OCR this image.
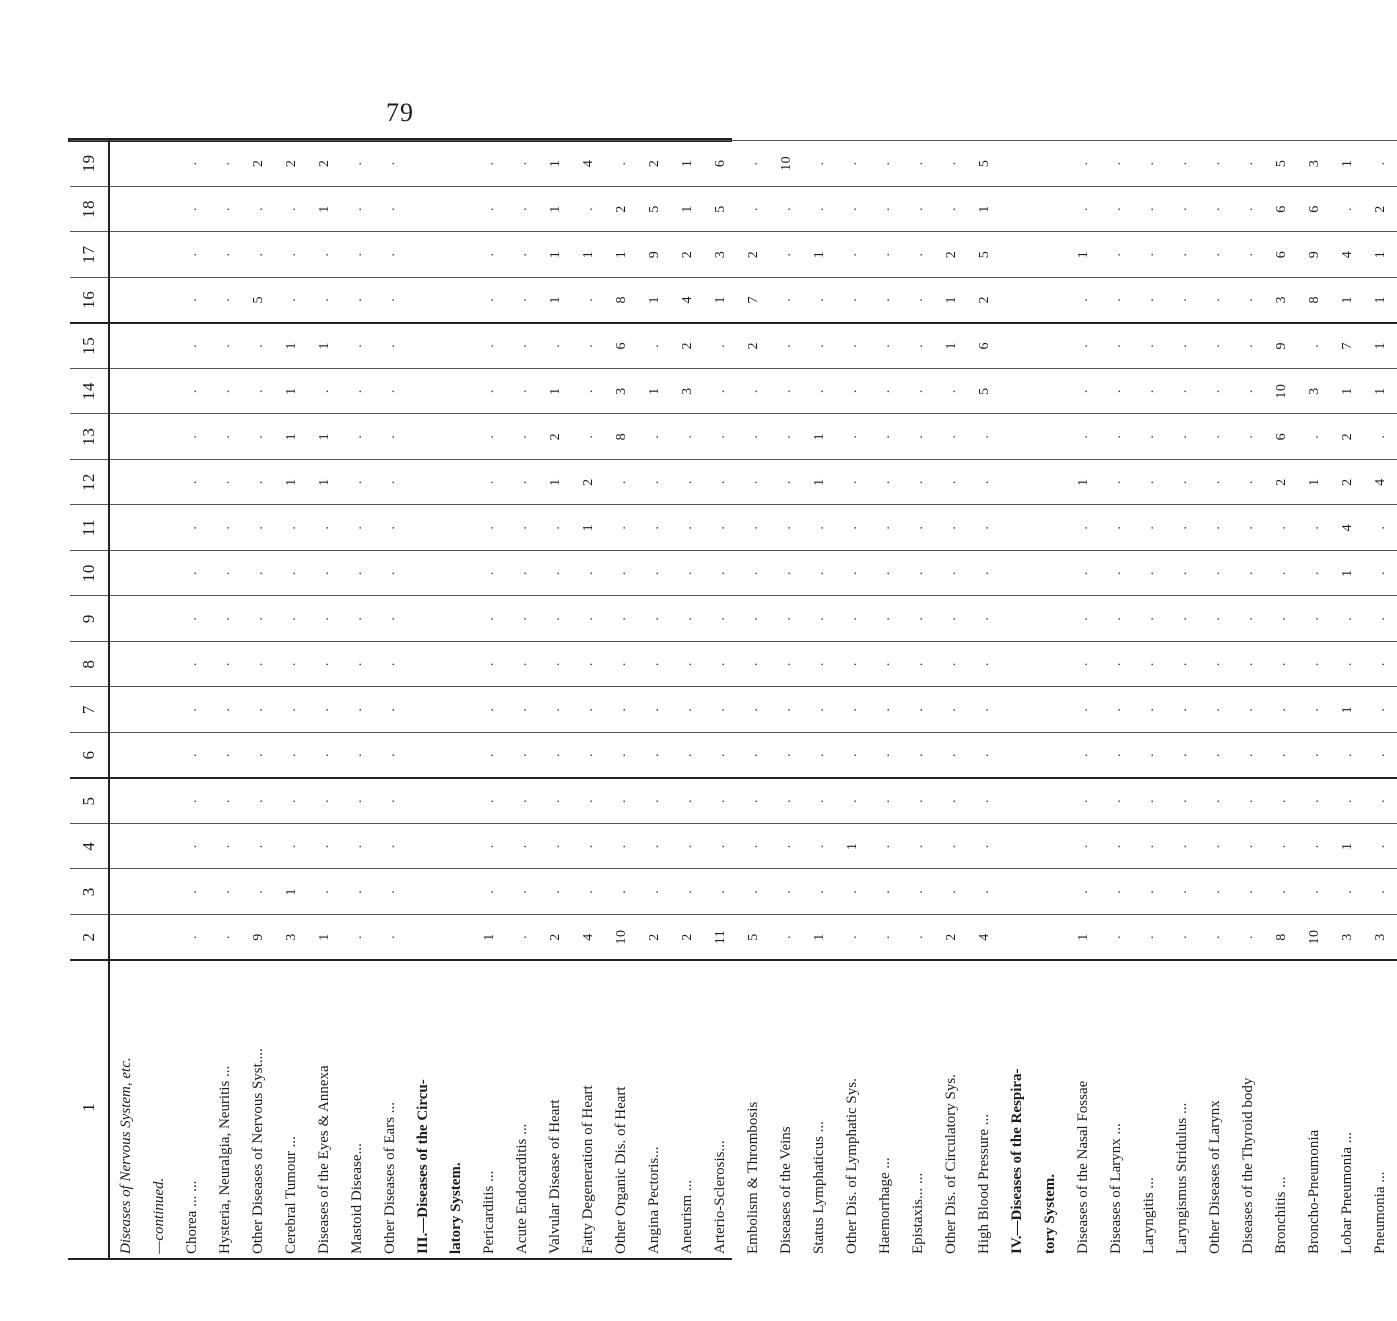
79
1	2	3	4	5	6	7	8	9	10	11	12	13	14	15	16	17	18	19
Diseases of Nervous System, etc.																		
—continued.																		
Chorea ... ...	.	.	.	.	.	.	.	.	.	.	.	.	.	.	.	.	.	.
Hysteria, Neuralgia, Neuritis ...	.	.	.	.	.	.	.	.	.	.	.	.	.	.	.	.	.	.
Other Diseases of Nervous Syst....	9	.	.	.	.	.	.	.	.	.	.	.	.	.	5	.	.	2
Cerebral Tumour ...	3	1	.	.	.	.	.	.	.	.	1	1	1	1	.	.	.	2
Diseases of the Eyes & Annexa	1	.	.	.	.	.	.	.	.	.	1	1	.	1	.	.	1	2
Mastoid Disease...	.	.	.	.	.	.	.	.	.	.	.	.	.	.	.	.	.	.
Other Diseases of Ears ...	.	.	.	.	.	.	.	.	.	.	.	.	.	.	.	.	.	.
III.—Diseases of the Circu-																		
latory System.																		
Pericarditis ...	1	.	.	.	.	.	.	.	.	.	.	.	.	.	.	.	.	.
Acute Endocarditis ...	.	.	.	.	.	.	.	.	.	.	.	.	.	.	.	.	.	.
Valvular Disease of Heart	2	.	.	.	.	.	.	.	.	.	1	2	1	.	1	1	1	1
Fatty Degeneration of Heart	4	.	.	.	.	.	.	.	.	1	2	.	.	.	.	1	.	4
Other Organic Dis. of Heart	10	.	.	.	.	.	.	.	.	.	.	8	3	6	8	1	2	.
Angina Pectoris...	2	.	.	.	.	.	.	.	.	.	.	.	1	.	1	9	5	2
Aneurism ...	2	.	.	.	.	.	.	.	.	.	.	.	3	2	4	2	1	1
Arterio-Sclerosis...	11	.	.	.	.	.	.	.	.	.	.	.	.	.	1	3	5	6
Embolism & Thrombosis	5	.	.	.	.	.	.	.	.	.	.	.	.	2	7	2	.	.
Diseases of the Veins	.	.	.	.	.	.	.	.	.	.	.	.	.	.	.	.	.	10
Status Lymphaticus ...	1	.	.	.	.	.	.	.	.	.	1	1	.	.	.	1	.	.
Other Dis. of Lymphatic Sys.	.	.	1	.	.	.	.	.	.	.	.	.	.	.	.	.	.	.
Haemorrhage ...	.	.	.	.	.	.	.	.	.	.	.	.	.	.	.	.	.	.
Epistaxis... ...	.	.	.	.	.	.	.	.	.	.	.	.	.	.	.	.	.	.
Other Dis. of Circulatory Sys.	2	.	.	.	.	.	.	.	.	.	.	.	.	1	1	2	.	.
High Blood Pressure ...	4	.	.	.	.	.	.	.	.	.	.	.	5	6	2	5	1	5
IV.—Diseases of the Respira-																		
tory System.																		
Diseases of the Nasal Fossae	1	.	.	.	.	.	.	.	.	.	1	.	.	.	.	1	.	.
Diseases of Larynx ...	.	.	.	.	.	.	.	.	.	.	.	.	.	.	.	.	.	.
Laryngitis ...	.	.	.	.	.	.	.	.	.	.	.	.	.	.	.	.	.	.
Laryngismus Stridulus ...	.	.	.	.	.	.	.	.	.	.	.	.	.	.	.	.	.	.
Other Diseases of Larynx	.	.	.	.	.	.	.	.	.	.	.	.	.	.	.	.	.	.
Diseases of the Thyroid body	.	.	.	.	.	.	.	.	.	.	.	.	.	.	.	.	.	.
Bronchitis ...	8	.	.	.	.	.	.	.	.	.	2	6	10	9	3	6	6	5
Broncho-Pneumonia	10	.	.	.	.	.	.	.	.	.	1	.	3	.	8	9	6	3
Lobar Pneumonia ...	3	.	1	.	.	1	.	.	1	4	2	2	1	7	1	4	.	1
Pneumonia ...	3	.	.	.	.	.	.	.	.	.	4	.	1	1	1	1	2	.
